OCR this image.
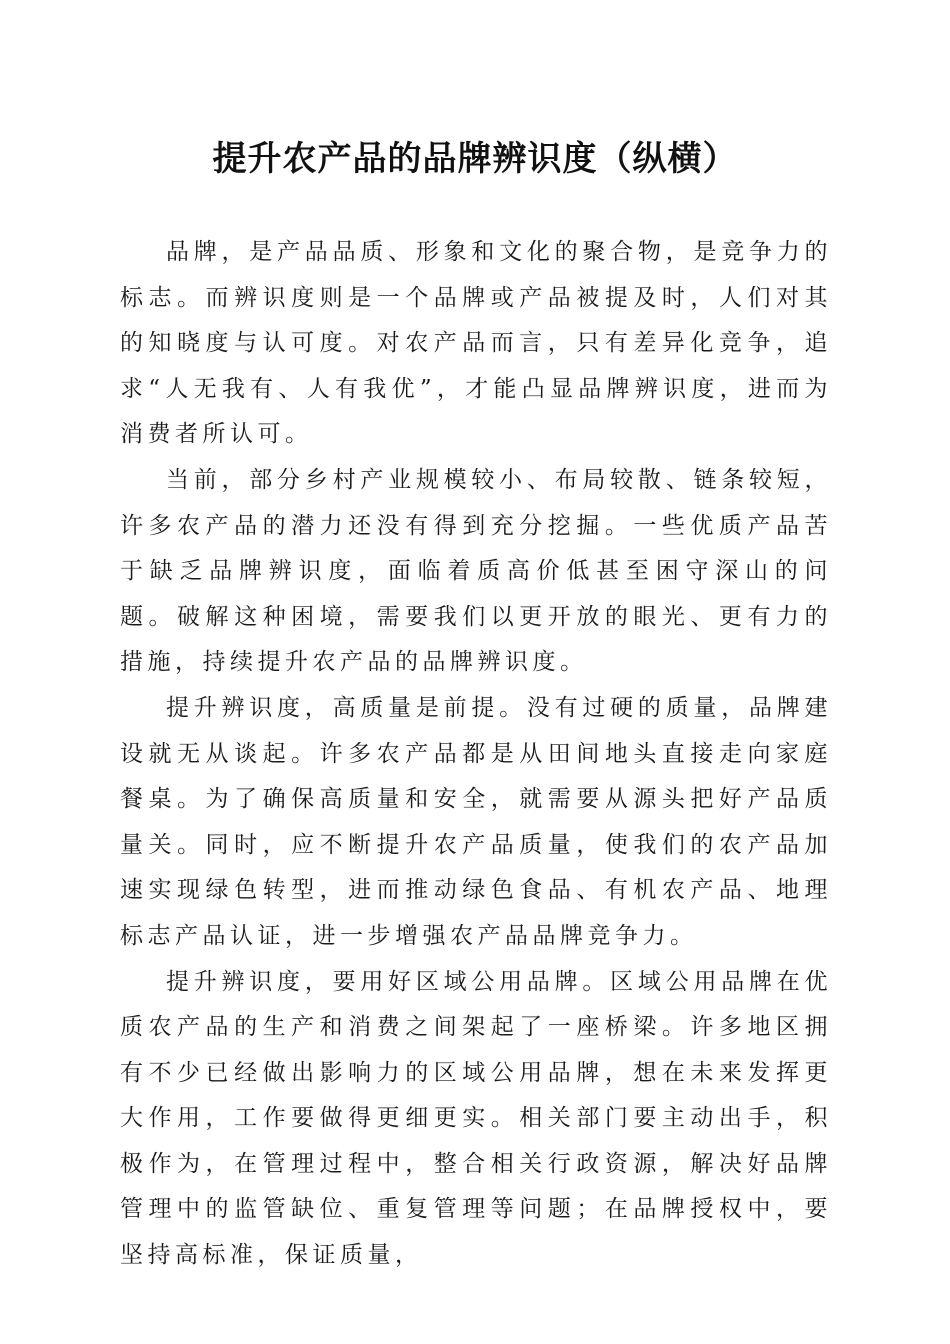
提升农产品的品牌辨识度（纵横）

品牌，是产品品质、形象和文化的聚合物，是竞争力的标志。而辨识度则是一个品牌或产品被提及时，人们对其的知晓度与认可度。对农产品而言，只有差异化竞争，追求“人无我有、人有我优”，才能凸显品牌辨识度，进而为消费者所认可。

当前，部分乡村产业规模较小、布局较散、链条较短，许多农产品的潜力还没有得到充分挖掘。一些优质产品苦于缺乏品牌辨识度，面临着质高价低甚至困守深山的问题。破解这种困境，需要我们以更开放的眼光、更有力的措施，持续提升农产品的品牌辨识度。

提升辨识度，高质量是前提。没有过硬的质量，品牌建设就无从谈起。许多农产品都是从田间地头直接走向家庭餐桌。为了确保高质量和安全，就需要从源头把好产品质量关。同时，应不断提升农产品质量，使我们的农产品加速实现绿色转型，进而推动绿色食品、有机农产品、地理标志产品认证，进一步增强农产品品牌竞争力。

提升辨识度，要用好区域公用品牌。区域公用品牌在优质农产品的生产和消费之间架起了一座桥梁。许多地区拥有不少已经做出影响力的区域公用品牌，想在未来发挥更大作用，工作要做得更细更实。相关部门要主动出手，积极作为，在管理过程中，整合相关行政资源，解决好品牌管理中的监管缺位、重复管理等问题；在品牌授权中，要坚持高标准，保证质量，
